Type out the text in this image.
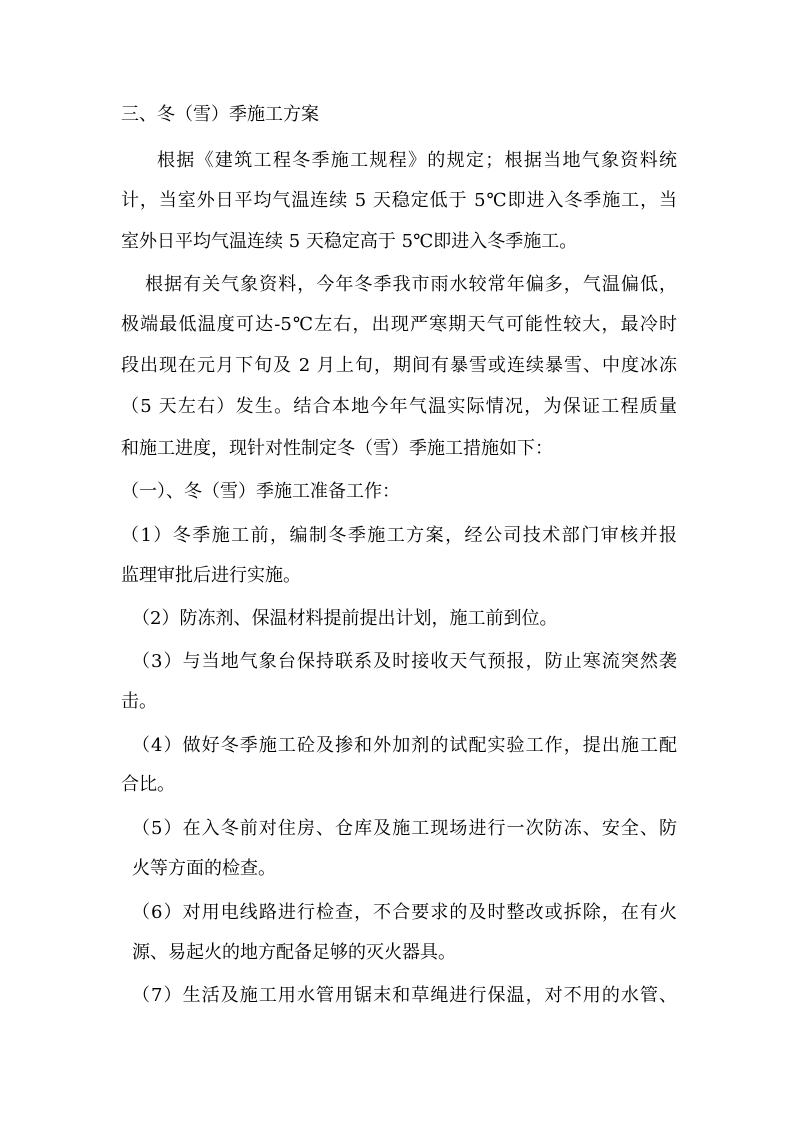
三、冬（雪）季施工方案
根据《建筑工程冬季施工规程》的规定；根据当地气象资料统
计，当室外日平均气温连续 5 天稳定低于 5℃即进入冬季施工，当
室外日平均气温连续 5 天稳定高于 5℃即进入冬季施工。
根据有关气象资料，今年冬季我市雨水较常年偏多，气温偏低，
极端最低温度可达-5℃左右，出现严寒期天气可能性较大，最冷时
段出现在元月下旬及 2 月上旬，期间有暴雪或连续暴雪、中度冰冻
（5 天左右）发生。结合本地今年气温实际情况，为保证工程质量
和施工进度，现针对性制定冬（雪）季施工措施如下：
（一）、冬（雪）季施工准备工作：
（1）冬季施工前，编制冬季施工方案，经公司技术部门审核并报
监理审批后进行实施。
（2）防冻剂、保温材料提前提出计划，施工前到位。
（3）与当地气象台保持联系及时接收天气预报，防止寒流突然袭
击。
（4）做好冬季施工砼及掺和外加剂的试配实验工作，提出施工配
合比。
（5）在入冬前对住房、仓库及施工现场进行一次防冻、安全、防
火等方面的检查。
（6）对用电线路进行检查，不合要求的及时整改或拆除，在有火
源、易起火的地方配备足够的灭火器具。
（7）生活及施工用水管用锯末和草绳进行保温，对不用的水管、
